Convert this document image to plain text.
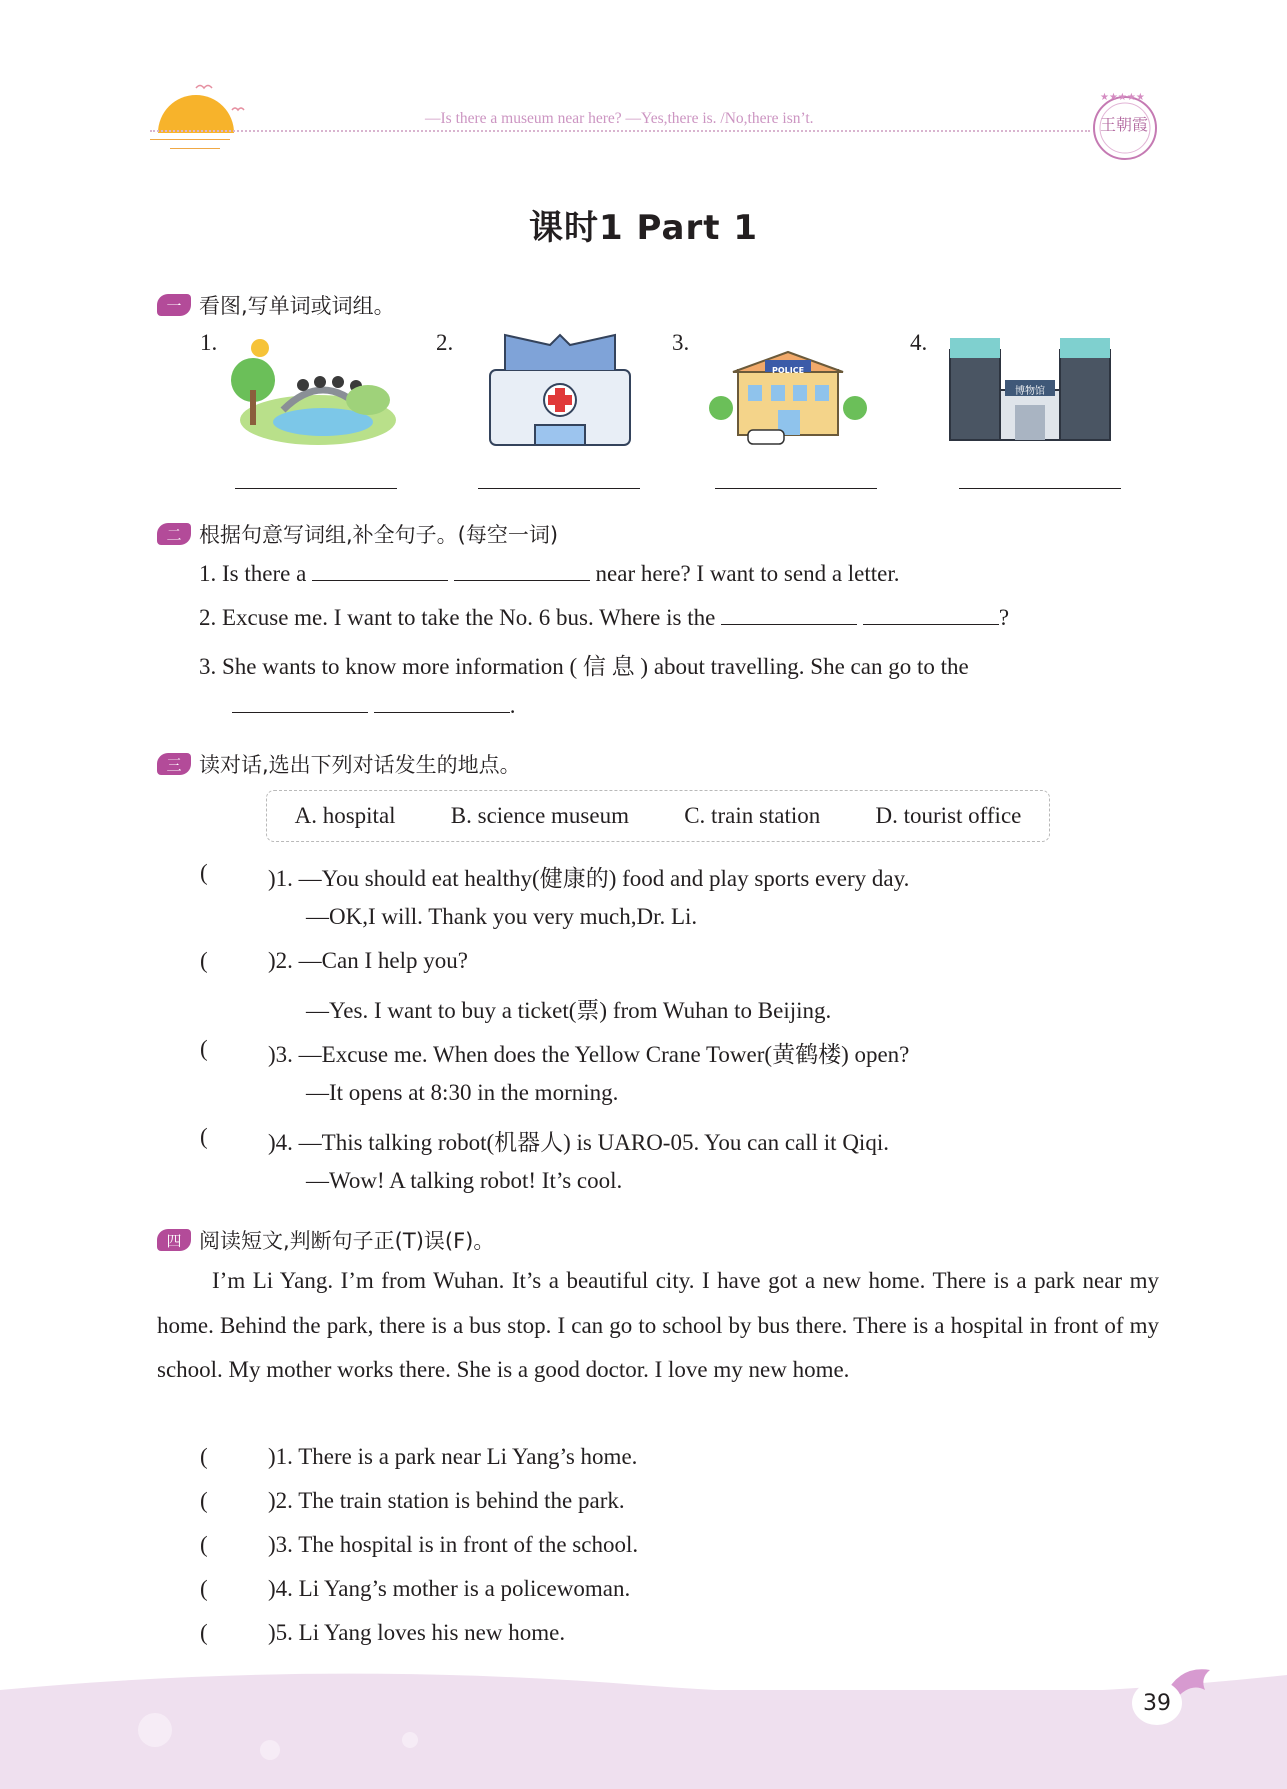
—Is there a museum near here? —Yes,there is. /No,there isn’t.
★★★★★
王朝霞
课时1 Part 1
一 看图,写单词或词组。
1.	2.	3.
POLICE
4.
博物馆
二 根据句意写词组,补全句子。(每空一词)
1. Is there a	near here? I want to send a letter.
2. Excuse me. I want to take the No. 6 bus. Where is the	?
3. She wants to know more information ( 信 息 ) about travelling. She can go to the
.
三 读对话,选出下列对话发生的地点。
A. hospital B. science museum C. train station D. tourist office
(	)1. —You should eat healthy(健康的) food and play sports every day.
—OK,I will. Thank you very much,Dr. Li.
(	)2. —Can I help you?
—Yes. I want to buy a ticket(票) from Wuhan to Beijing.
(	)3. —Excuse me. When does the Yellow Crane Tower(黄鹤楼) open?
—It opens at 8:30 in the morning.
(	)4. —This talking robot(机器人) is UARO-05. You can call it Qiqi.
—Wow! A talking robot! It’s cool.
四 阅读短文,判断句子正(T)误(F)。
I’m Li Yang. I’m from Wuhan. It’s a beautiful city. I have got a new home. There is a park near my home. Behind the park, there is a bus stop. I can go to school by bus there. There is a hospital in front of my school. My mother works there. She is a good doctor. I love my new home.
(	)1. There is a park near Li Yang’s home.
(	)2. The train station is behind the park.
(	)3. The hospital is in front of the school.
(	)4. Li Yang’s mother is a policewoman.
(	)5. Li Yang loves his new home.
39
